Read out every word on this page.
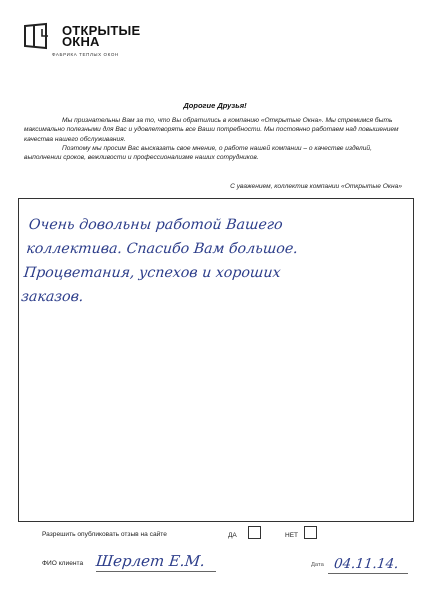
ОТКРЫТЫЕ
ОКНА
ФАБРИКА ТЕПЛЫХ ОКОН
Дорогие Друзья!

Мы признательны Вам за то, что Вы обратились в компанию «Открытые Окна». Мы стремимся быть максимально полезными для Вас и удовлетворять все Ваши потребности. Мы постоянно работаем над повышением качества нашего обслуживания.

Поэтому мы просим Вас высказать свое мнение, о работе нашей компании – о качестве изделий, выполнении сроков, вежливости и профессионализме наших сотрудников.

С уважением, коллектив компании «Открытые Окна»
Очень довольны работой Вашего
коллектива. Спасибо Вам большое.
Процветания, успехов и хороших
заказов.
Разрешить опубликовать отзыв на сайте	ДА	НЕТ
ФИО клиента Шерлет Е.М.	Дата 04.11.14.
